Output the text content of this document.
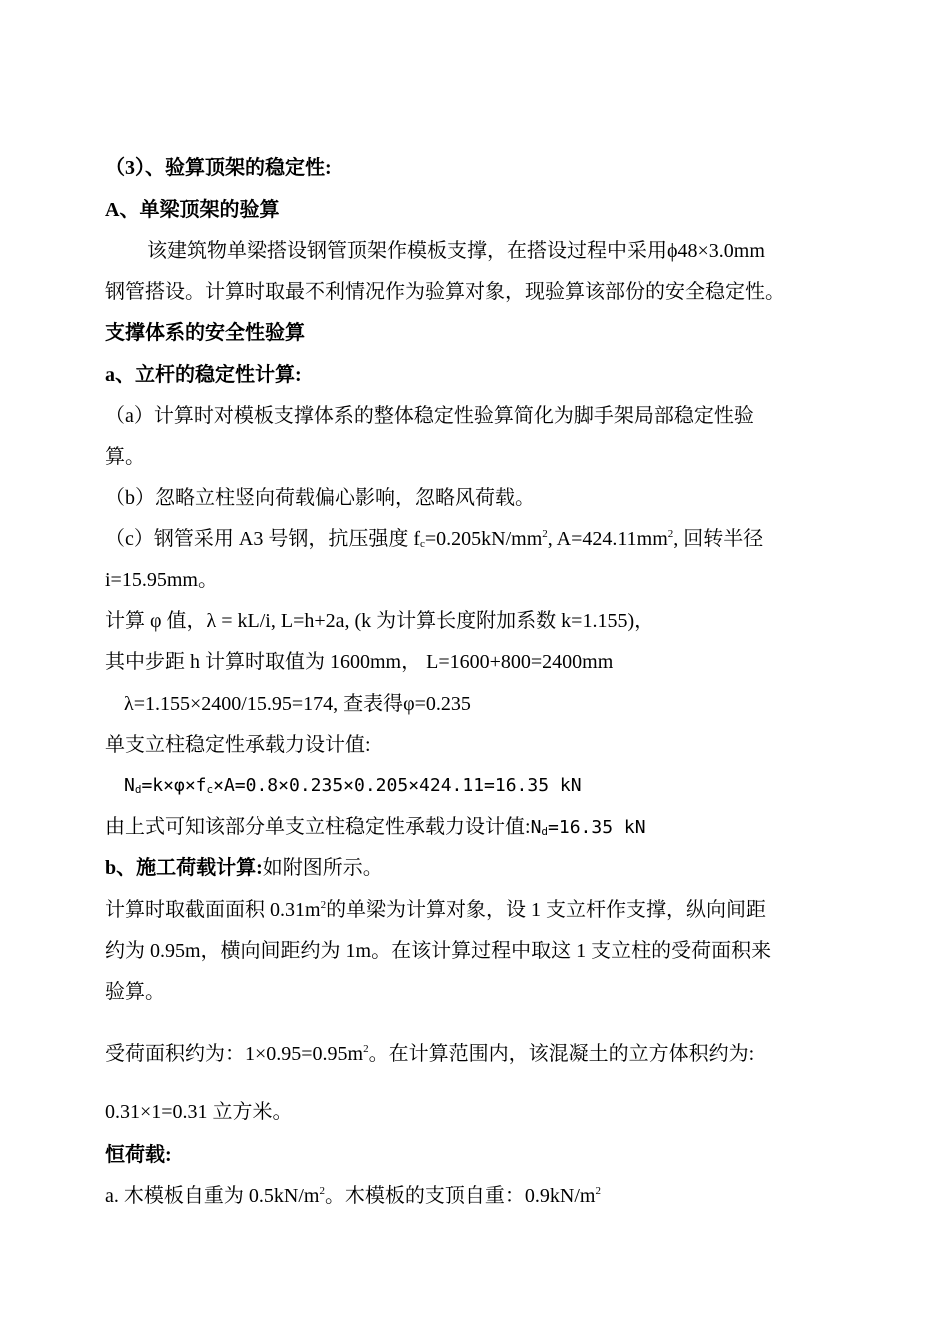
（3）、验算顶架的稳定性:
A、单梁顶架的验算
该建筑物单梁搭设钢管顶架作模板支撑，在搭设过程中采用ϕ48×3.0mm
钢管搭设。计算时取最不利情况作为验算对象，现验算该部份的安全稳定性。
支撑体系的安全性验算
a、立杆的稳定性计算:
（a）计算时对模板支撑体系的整体稳定性验算简化为脚手架局部稳定性验
算。
（b）忽略立柱竖向荷载偏心影响，忽略风荷载。
（c）钢管采用 A3 号钢，抗压强度 $f_c=0.205kN/mm^2$, $A=424.11mm^2$, 回转半径
i=15.95mm。
计算 φ 值，λ = kL/i, L=h+2a, (k 为计算长度附加系数 k=1.155)，
其中步距 h 计算时取值为 1600mm， L=1600+800=2400mm
λ=1.155×2400/15.95=174, 查表得φ=0.235
单支立柱稳定性承载力设计值:
$N_d=k\times\varphi\times f_c\times A=0.8\times 0.235\times 0.205\times 424.11=16.35$ kN
由上式可知该部分单支立柱稳定性承载力设计值$:N_d=16.35$ kN
b、施工荷载计算:如附图所示。
计算时取截面面积 $0.31m^2$的单梁为计算对象，设 1 支立杆作支撑，纵向间距
约为 0.95m，横向间距约为 1m。在该计算过程中取这 1 支立柱的受荷面积来
验算。
受荷面积约为：$1\times 0.95=0.95m^2$。在计算范围内，该混凝土的立方体积约为:
0.31×1=0.31 立方米。
恒荷载:
a. 木模板自重为 $0.5kN/m^2$。木模板的支顶自重：$0.9kN/m^2$
